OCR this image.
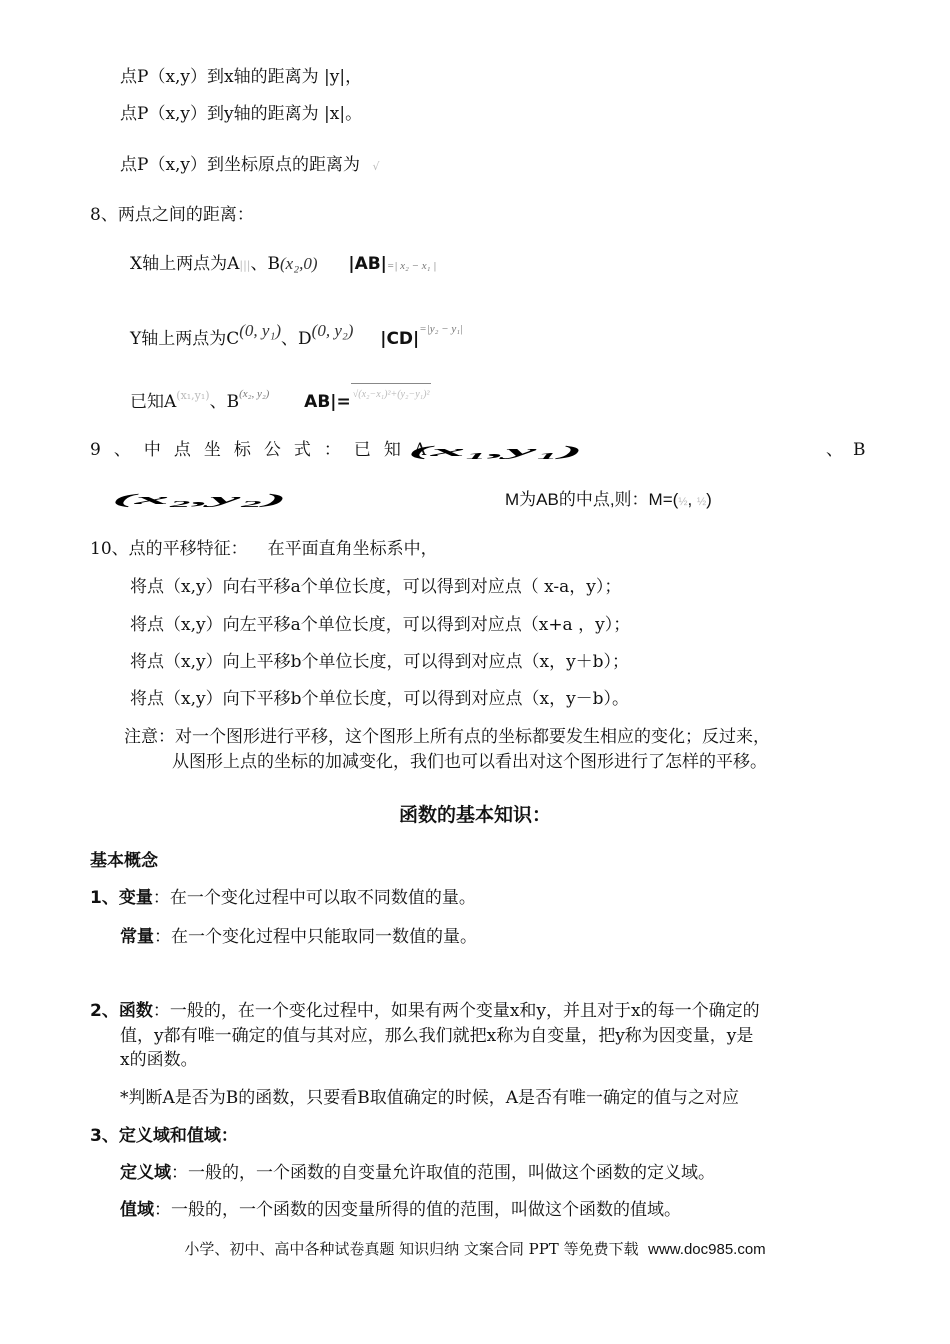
点P（x,y）到x轴的距离为 |y|，
点P（x,y）到y轴的距离为 |x|。
点P（x,y）到坐标原点的距离为   √
8、两点之间的距离：
X轴上两点为A|||、B(x₂,0) |AB|=| x₂ − x₁ |
Y轴上两点为C(0, y₁)、D(0, y₂) $|CD|^{=|y_2 - y_1|}$
已知$A^{(x_1,y_1)}$、$B^{(x_2, y_2)}$ AB|= √(x₂−x₁)²+(y₂−y₁)²
9、中点坐标公式：已知A
(x₁,y₁)	、B
(x₂,y₂)	M为AB的中点,则：M=(½, ½)
10、点的平移特征： 在平面直角坐标系中，
将点（x,y）向右平移a个单位长度，可以得到对应点（ x-a，y）；
将点（x,y）向左平移a个单位长度，可以得到对应点（x+a ，y）；
将点（x,y）向上平移b个单位长度，可以得到对应点（x，y＋b）；
将点（x,y）向下平移b个单位长度，可以得到对应点（x，y－b）。
注意：对一个图形进行平移，这个图形上所有点的坐标都要发生相应的变化；反过来，
从图形上点的坐标的加减变化，我们也可以看出对这个图形进行了怎样的平移。
函数的基本知识：
基本概念
1、变量：在一个变化过程中可以取不同数值的量。
常量：在一个变化过程中只能取同一数值的量。
2、函数：一般的，在一个变化过程中，如果有两个变量x和y，并且对于x的每一个确定的
值，y都有唯一确定的值与其对应，那么我们就把x称为自变量，把y称为因变量，y是
x的函数。
*判断A是否为B的函数，只要看B取值确定的时候，A是否有唯一确定的值与之对应
3、定义域和值域：
定义域：一般的，一个函数的自变量允许取值的范围，叫做这个函数的定义域。
值域：一般的，一个函数的因变量所得的值的范围，叫做这个函数的值域。
小学、初中、高中各种试卷真题 知识归纳 文案合同 PPT 等免费下载 www.doc985.com
